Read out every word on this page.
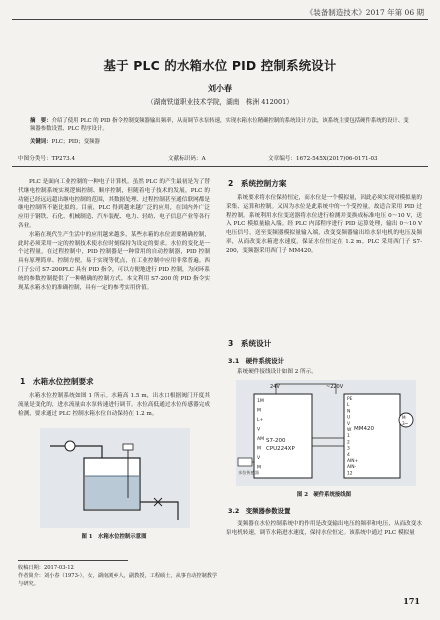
《装备制造技术》2017 年第 06 期
基于 PLC 的水箱水位 PID 控制系统设计
刘小春
（湖南铁道职业技术学院，湖南　株洲 412001）
摘　要：介绍了使用 PLC 的 PID 指令控制变频器输出频率，从而调节水泵转速，实现水箱水位精确控制的系统设计方法，该系统主要包括硬件系统的设计、变频器参数设置、PLC 程序设计。
关键词：PLC；PID；变频器
中图分类号：TP273.4	文献标识码：A	文章编号：1672-545X(2017)06-0171-03

PLC 是面向工业控制的一种电子计算机。虽然 PLC 的产生最初是为了替代继电控制系统实现逻辑控制、顺序控制，但随着电子技术的发展，PLC 的功能已经远远超出继电控制的范围，其数据处理、过程控制甚至通信联网都是继电控制所不能比拟的。目前，PLC 得到越来越广泛的应用，在国内外广泛应用于钢铁、石化、机械制造、汽车装配、电力、轻纺、电子信息产业等各行各业。

水箱在现代生产生活中的应用越来越多，某些水箱的水位需要精确控制，此时必须采用一定的控制技术使水位时刻保持为设定的要求。水位的变化是一个过程量，在过程控制中，PID 控制器是一种常用的自动控制器，PID 控制具有原理简单、控制方便，易于实现等优点，在工业控制中应用非常普遍。西门子公司 S7-200PLC 具有 PID 指令，可以方便地进行 PID 控制，为闭环系统的参数控制提供了一种精确的控制方式。本文利用 S7-200 的 PID 指令实现某水箱水位的准确控制，具有一定的参考实用价值。

1　水箱水位控制要求

水箱水位控制系统如图 1 所示。水箱高 1.5 m，出水口根据阀门开度其流量是变化的，进水流量由水泵转速进行调节。水位高低通过水位传感器完成检测，要求通过 PLC 控制水箱水位自动保持在 1.2 m。

图 1　水箱水位控制示意图
收稿日期：2017-03-12
作者简介：刘小春（1973-），女，湖南浏乡人，副教授，工程硕士，从事自动控制教学与研究。
2　系统控制方案

系统要求将水位保持恒定，而水位是一个模拟量，因此必须实现对模拟量的采集、运算和控制。又因为水位是此系统中的一个受控量，故适合采用 PID 过程控制。系统利用水位变送器将水位进行检测并变换成标准电压 0～10 V，送入 PLC 模拟量输入端。经 PLC 内部程序进行 PID 运算处理，输出 0～10 V 电压信号，送至变频器模拟量输入端，改变变频器输出给水泵电机的电压及频率，从而改变水箱进水速度，保证水位恒定在 1.2 m。PLC 采用西门子 S7-200，变频器采用西门子 MM420。

3　系统设计
3.1　硬件系统设计

系统硬件接线设计如图 2 所示。

S7-200
CPU224XP
1M
M
L+
V
AM
M
V
M
MM420
PE
L
N
U
V
W
1
2
3
4
AIN+
AIN-
12
M
3~
~220V
24V
水位传感器
图 2　硬件系统接线图
3.2　变频器参数设置

变频器在水位控制系统中的作用是改变输出电压的频率和电压，从而改变水泵电机转速，调节水箱进水速度，保持水位恒定。该系统中通过 PLC 模拟量

171
